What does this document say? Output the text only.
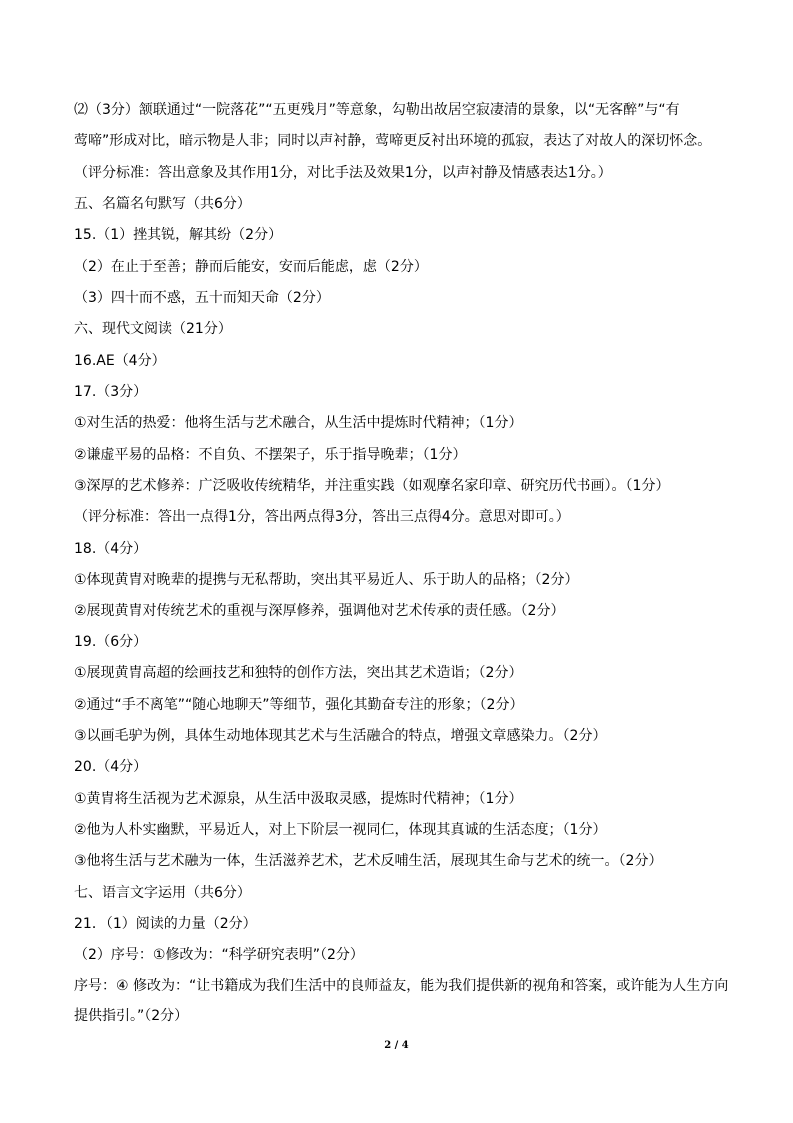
⑵（3分）颔联通过“一院落花”“五更残月”等意象，勾勒出故居空寂凄清的景象，以“无客醉”与“有
莺啼”形成对比，暗示物是人非；同时以声衬静，莺啼更反衬出环境的孤寂，表达了对故人的深切怀念。
（评分标准：答出意象及其作用1分，对比手法及效果1分，以声衬静及情感表达1分。）
五、名篇名句默写（共6分）
15.（1）挫其锐，解其纷（2分）
（2）在止于至善；静而后能安，安而后能虑，虑（2分）
（3）四十而不惑，五十而知天命（2分）
六、现代文阅读（21分）
16.AE（4分）
17.（3分）
①对生活的热爱：他将生活与艺术融合，从生活中提炼时代精神；（1分）
②谦虚平易的品格：不自负、不摆架子，乐于指导晚辈；（1分）
③深厚的艺术修养：广泛吸收传统精华，并注重实践（如观摩名家印章、研究历代书画）。（1分）
（评分标准：答出一点得1分，答出两点得3分，答出三点得4分。意思对即可。）
18.（4分）
①体现黄胄对晚辈的提携与无私帮助，突出其平易近人、乐于助人的品格；（2分）
②展现黄胄对传统艺术的重视与深厚修养，强调他对艺术传承的责任感。（2分）
19.（6分）
①展现黄胄高超的绘画技艺和独特的创作方法，突出其艺术造诣；（2分）
②通过“手不离笔”“随心地聊天”等细节，强化其勤奋专注的形象；（2分）
③以画毛驴为例，具体生动地体现其艺术与生活融合的特点，增强文章感染力。（2分）
20.（4分）
①黄胄将生活视为艺术源泉，从生活中汲取灵感，提炼时代精神；（1分）
②他为人朴实幽默，平易近人，对上下阶层一视同仁，体现其真诚的生活态度；（1分）
③他将生活与艺术融为一体，生活滋养艺术，艺术反哺生活，展现其生命与艺术的统一。（2分）
七、语言文字运用（共6分）
21．（1）阅读的力量（2分）
（2）序号：①修改为：“科学研究表明”（2分）
序号：④ 修改为：“让书籍成为我们生活中的良师益友，能为我们提供新的视角和答案，或许能为人生方向提供指引。”（2分）
2 / 4
